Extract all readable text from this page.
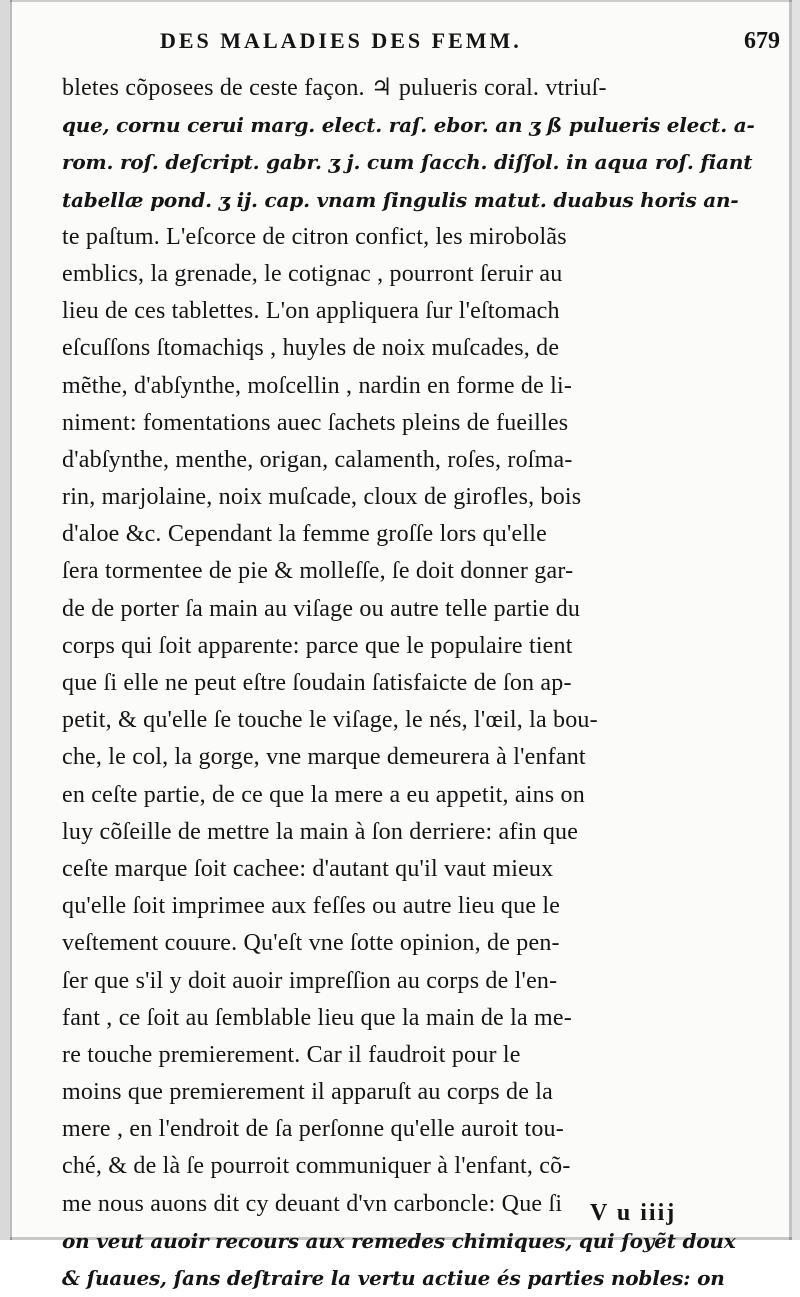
DES MALADIES DES FEMM.	679
bletes cõposees de ceste façon. ♃ pulueris coral. vtriuſ-
que, cornu cerui marg. elect. raſ. ebor. an ʒ ß pulueris elect. a-
rom. roſ. deſcript. gabr. ʒ j. cum ſacch. diſſol. in aqua roſ. fiant
tabellæ pond. ʒ ij. cap. vnam ſingulis matut. duabus horis an-
te paſtum. L'eſcorce de citron confict, les mirobolãs
emblics, la grenade, le cotignac , pourront ſeruir au
lieu de ces tablettes. L'on appliquera ſur l'eſtomach
eſcuſſons ſtomachiqs , huyles de noix muſcades, de
mẽthe, d'abſynthe, moſcellin , nardin en forme de li-
niment: fomentations auec ſachets pleins de fueilles
d'abſynthe, menthe, origan, calamenth, roſes, roſma-
rin, marjolaine, noix muſcade, cloux de girofles, bois
d'aloe &c. Cependant la femme groſſe lors qu'elle
ſera tormentee de pie & molleſſe, ſe doit donner gar-
de de porter ſa main au viſage ou autre telle partie du
corps qui ſoit apparente: parce que le populaire tient
que ſi elle ne peut eſtre ſoudain ſatisfaicte de ſon ap-
petit, & qu'elle ſe touche le viſage, le nés, l'œil, la bou-
che, le col, la gorge, vne marque demeurera à l'enfant
en ceſte partie, de ce que la mere a eu appetit, ains on
luy cõſeille de mettre la main à ſon derriere: afin que
ceſte marque ſoit cachee: d'autant qu'il vaut mieux
qu'elle ſoit imprimee aux feſſes ou autre lieu que le
veſtement couure. Qu'eſt vne ſotte opinion, de pen-
ſer que s'il y doit auoir impreſſion au corps de l'en-
fant , ce ſoit au ſemblable lieu que la main de la me-
re touche premierement. Car il faudroit pour le
moins que premierement il apparuſt au corps de la
mere , en l'endroit de ſa perſonne qu'elle auroit tou-
ché, & de là ſe pourroit communiquer à l'enfant, cõ-
me nous auons dit cy deuant d'vn carboncle: Que ſi
on veut auoir recours aux remedes chimiques, qui ſoyẽt doux
& ſuaues, ſans deſtraire la vertu actiue és parties nobles: on
V u iiij
